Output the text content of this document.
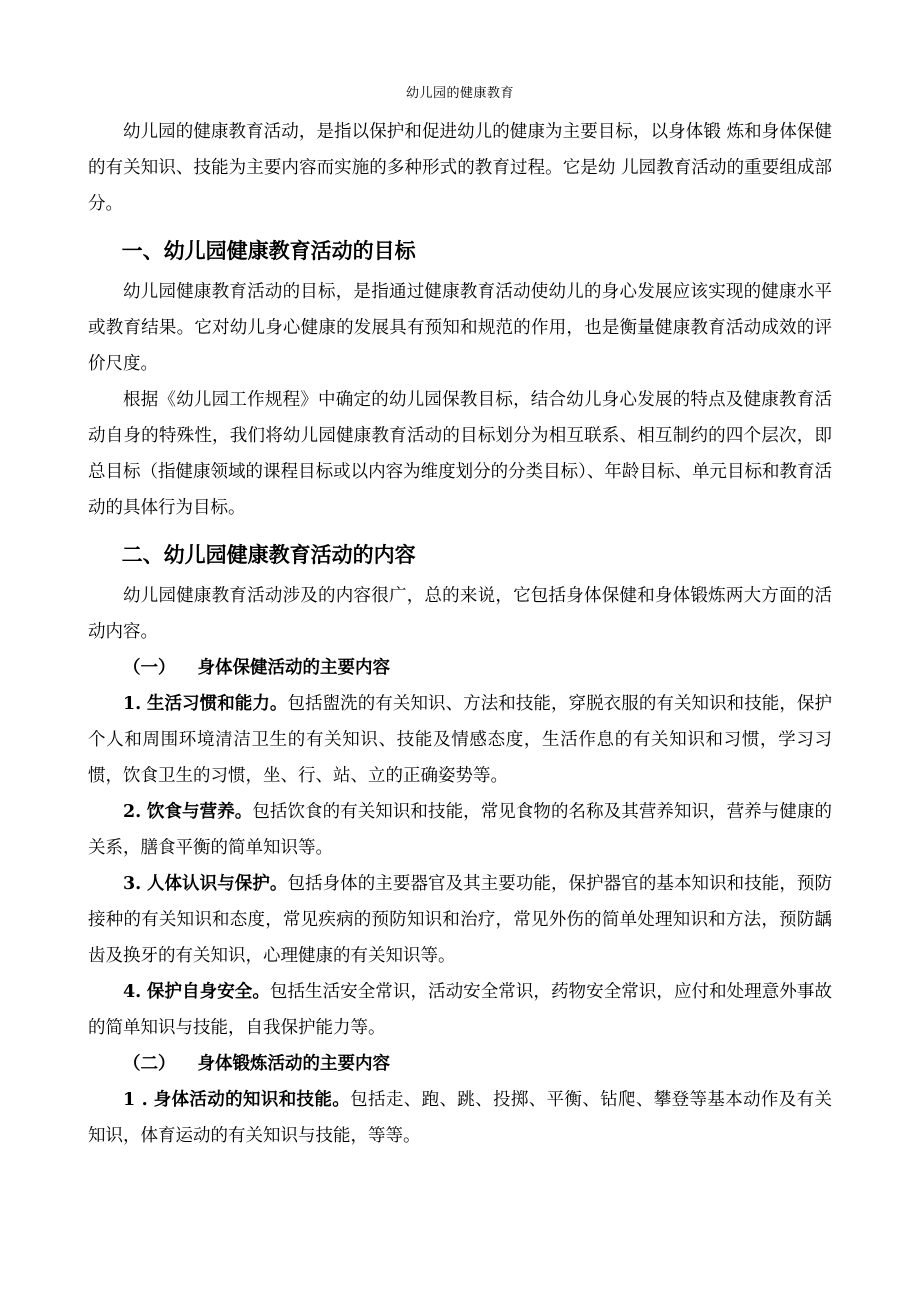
幼儿园的健康教育

幼儿园的健康教育活动，是指以保护和促进幼儿的健康为主要目标，以身体锻 炼和身体保健的有关知识、技能为主要内容而实施的多种形式的教育过程。它是幼 儿园教育活动的重要组成部分。

一、幼儿园健康教育活动的目标

幼儿园健康教育活动的目标，是指通过健康教育活动使幼儿的身心发展应该实现的健康水平或教育结果。它对幼儿身心健康的发展具有预知和规范的作用，也是衡量健康教育活动成效的评价尺度。

根据《幼儿园工作规程》中确定的幼儿园保教目标，结合幼儿身心发展的特点及健康教育活动自身的特殊性，我们将幼儿园健康教育活动的目标划分为相互联系、相互制约的四个层次，即总目标（指健康领域的课程目标或以内容为维度划分的分类目标）、年龄目标、单元目标和教育活动的具体行为目标。

二、幼儿园健康教育活动的内容

幼儿园健康教育活动涉及的内容很广，总的来说，它包括身体保健和身体锻炼两大方面的活动内容。

（一） 身体保健活动的主要内容

1. 生活习惯和能力。包括盥洗的有关知识、方法和技能，穿脱衣服的有关知识和技能，保护个人和周围环境清洁卫生的有关知识、技能及情感态度，生活作息的有关知识和习惯，学习习惯，饮食卫生的习惯，坐、行、站、立的正确姿势等。

2. 饮食与营养。包括饮食的有关知识和技能，常见食物的名称及其营养知识，营养与健康的关系，膳食平衡的简单知识等。

3. 人体认识与保护。包括身体的主要器官及其主要功能，保护器官的基本知识和技能，预防接种的有关知识和态度，常见疾病的预防知识和治疗，常见外伤的简单处理知识和方法，预防龋齿及换牙的有关知识，心理健康的有关知识等。

4. 保护自身安全。包括生活安全常识，活动安全常识，药物安全常识，应付和处理意外事故的简单知识与技能，自我保护能力等。

（二） 身体锻炼活动的主要内容

1 . 身体活动的知识和技能。包括走、跑、跳、投掷、平衡、钻爬、攀登等基本动作及有关知识，体育运动的有关知识与技能，等等。
